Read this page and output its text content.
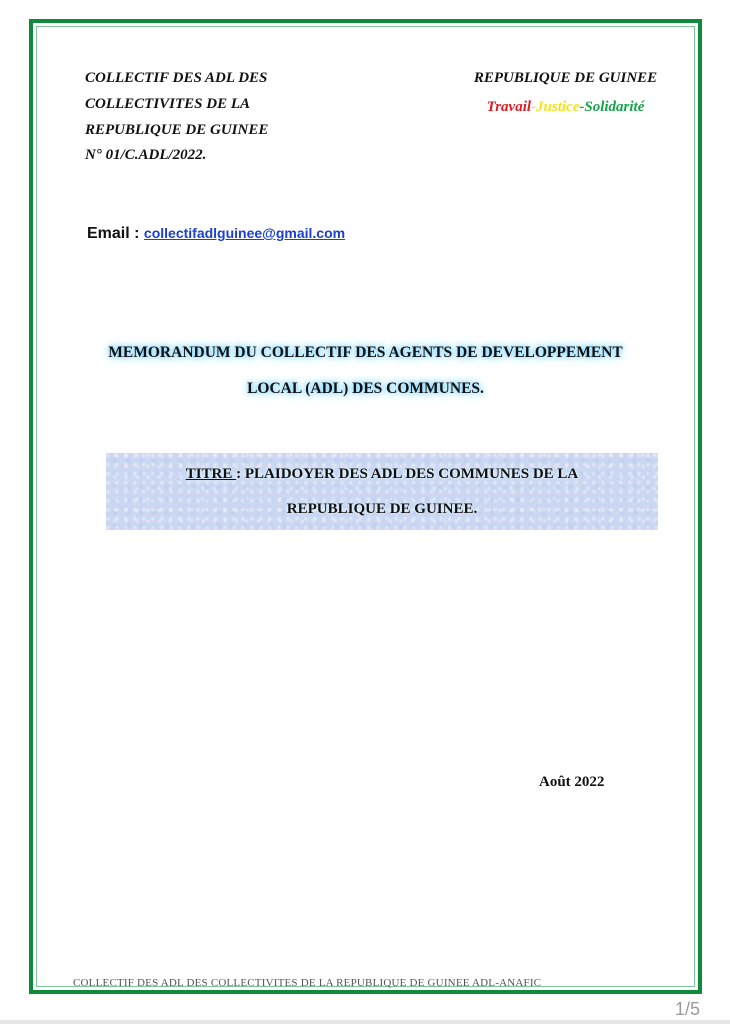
COLLECTIF DES ADL DES
COLLECTIVITES DE LA
REPUBLIQUE DE GUINEE
N° 01/C.ADL/2022.
REPUBLIQUE DE GUINEE
Travail-Justice-Solidarité
Email : collectifadlguinee@gmail.com
MEMORANDUM DU COLLECTIF DES AGENTS DE DEVELOPPEMENT
LOCAL (ADL) DES COMMUNES.
TITRE : PLAIDOYER DES ADL DES COMMUNES DE LA
REPUBLIQUE DE GUINEE.
Août 2022
COLLECTIF DES ADL DES COLLECTIVITES DE LA REPUBLIQUE DE GUINEE ADL-ANAFIC
1/5
